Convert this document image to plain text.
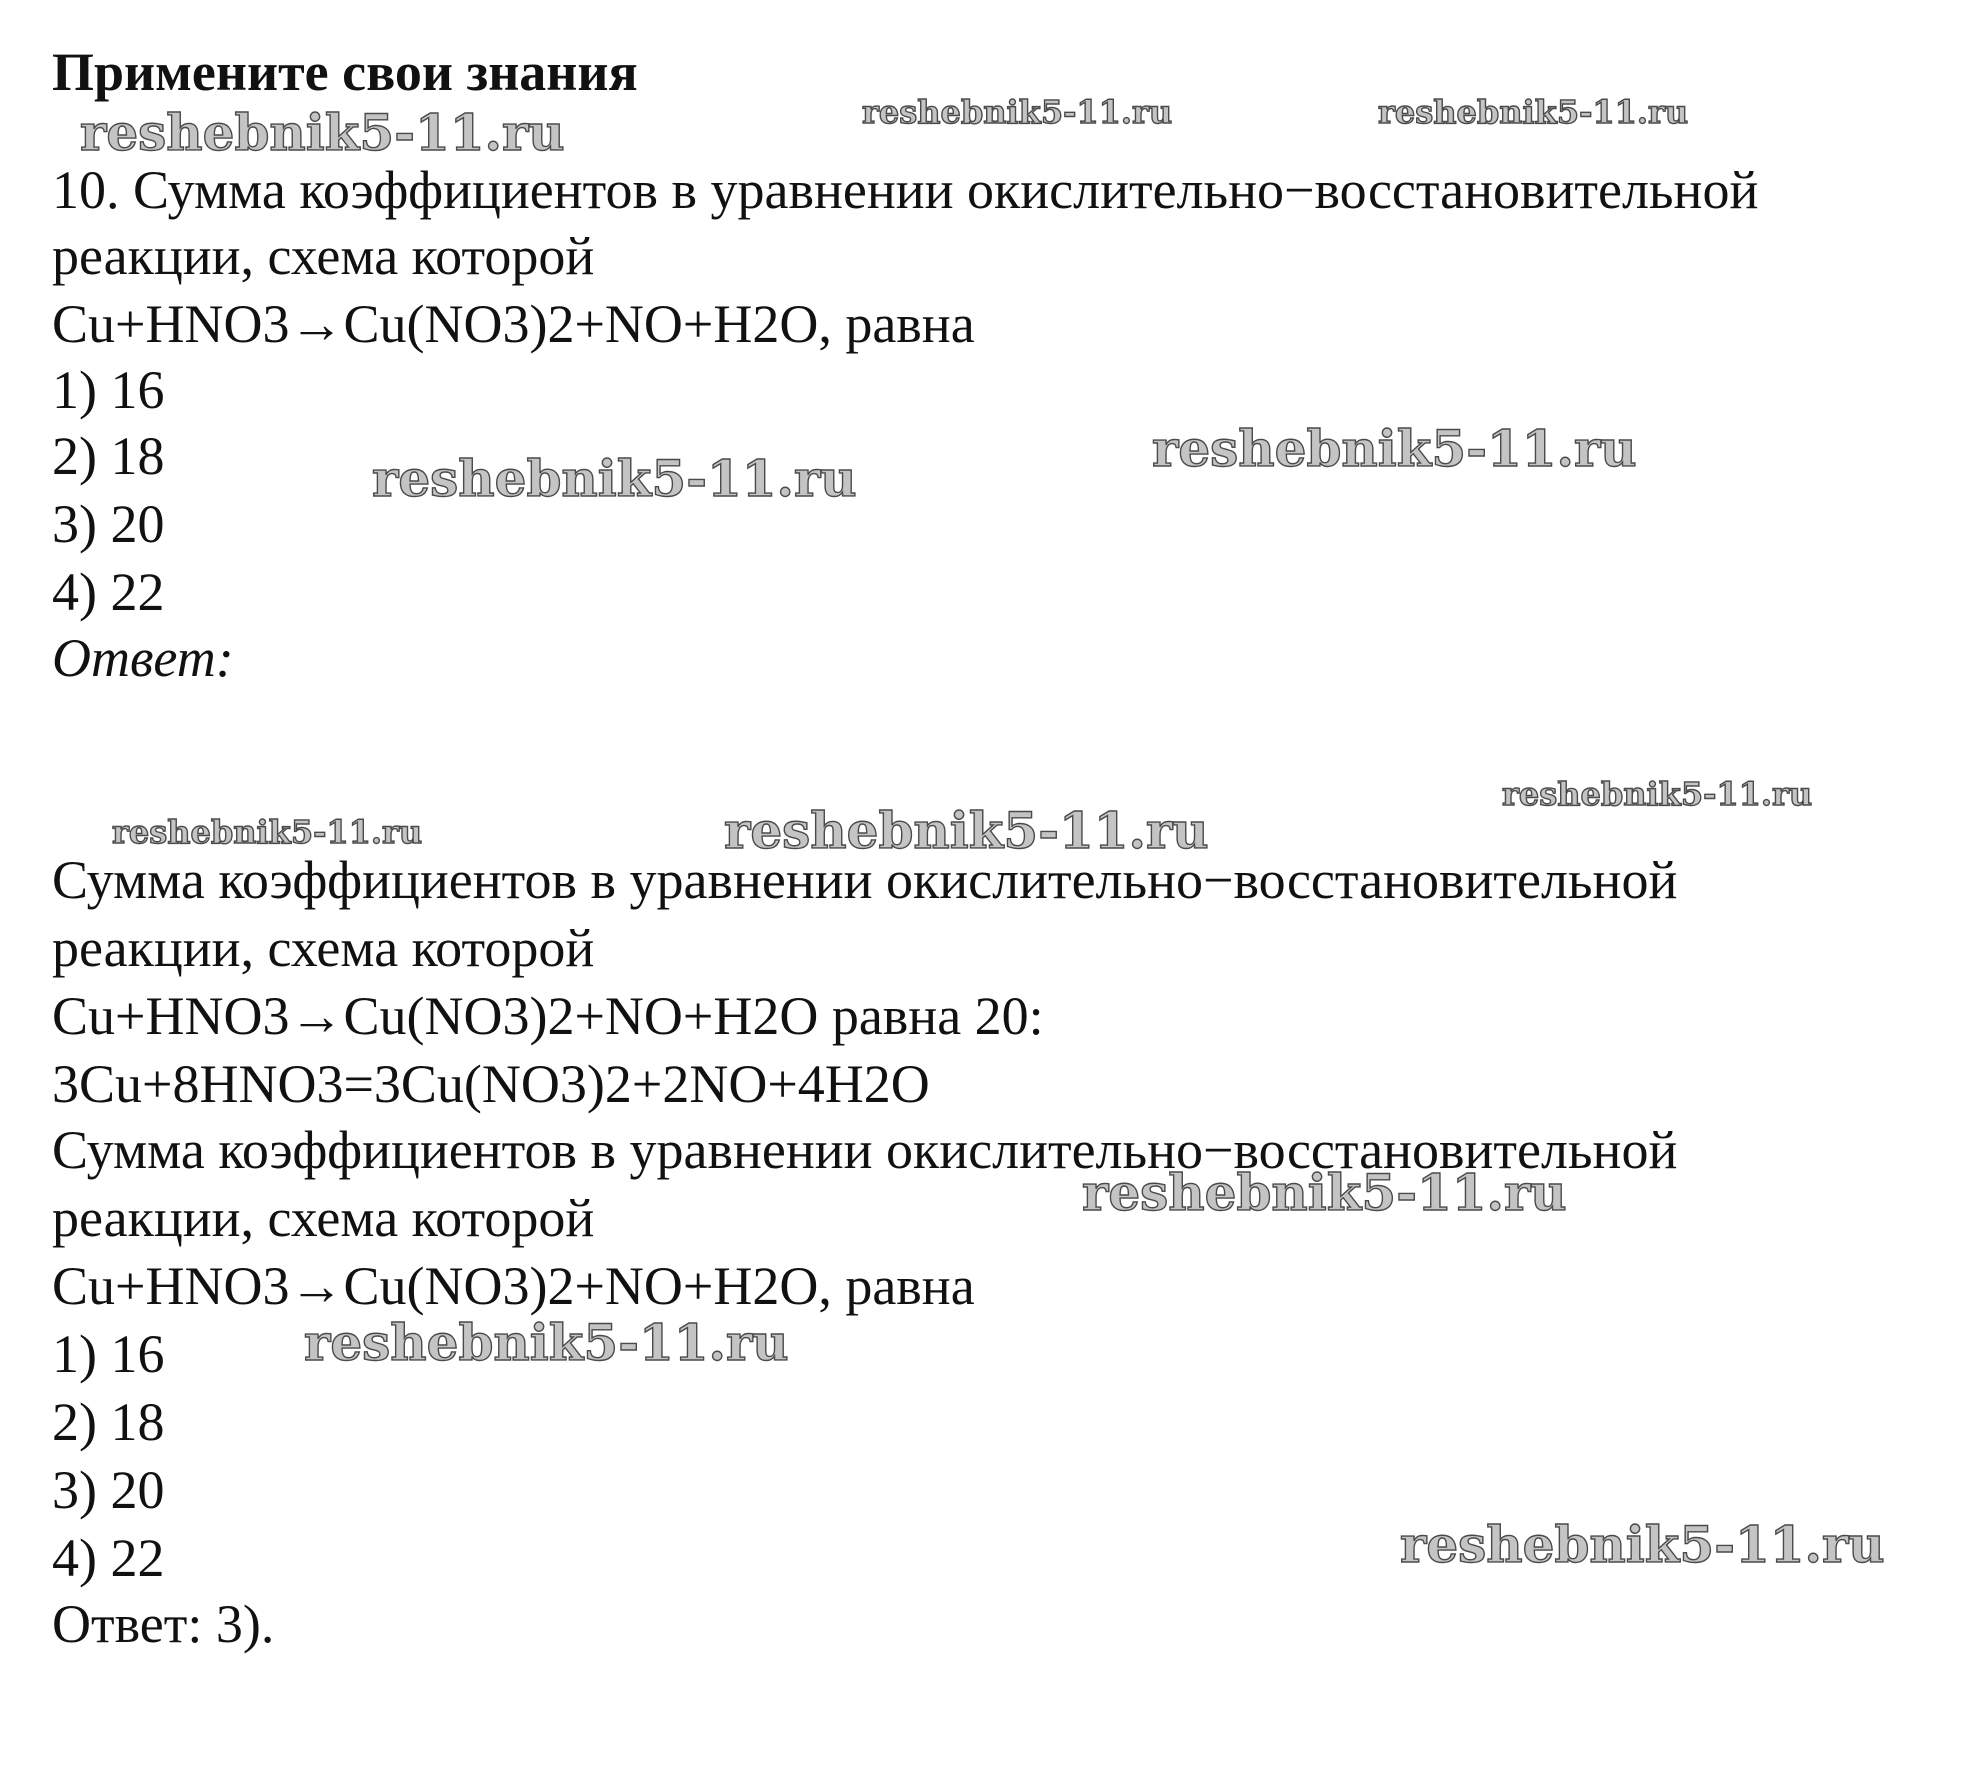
Примените свои знания
10. Сумма коэффициентов в уравнении окислительно−восстановительной
реакции, схема которой
Cu+HNO3→Cu(NO3)2+NO+H2O, равна
1) 16
2) 18
3) 20
4) 22
Ответ:
Сумма коэффициентов в уравнении окислительно−восстановительной
реакции, схема которой
Cu+HNO3→Cu(NO3)2+NO+H2O равна 20:
3Cu+8HNO3=3Cu(NO3)2+2NO+4H2O
Сумма коэффициентов в уравнении окислительно−восстановительной
реакции, схема которой
Cu+HNO3→Cu(NO3)2+NO+H2O, равна
1) 16
2) 18
3) 20
4) 22
Ответ: 3).
reshebnik5-11.ru	reshebnik5-11.ru	reshebnik5-11.ru
reshebnik5-11.ru
reshebnik5-11.ru
reshebnik5-11.ru
reshebnik5-11.ru	reshebnik5-11.ru
reshebnik5-11.ru
reshebnik5-11.ru
reshebnik5-11.ru
